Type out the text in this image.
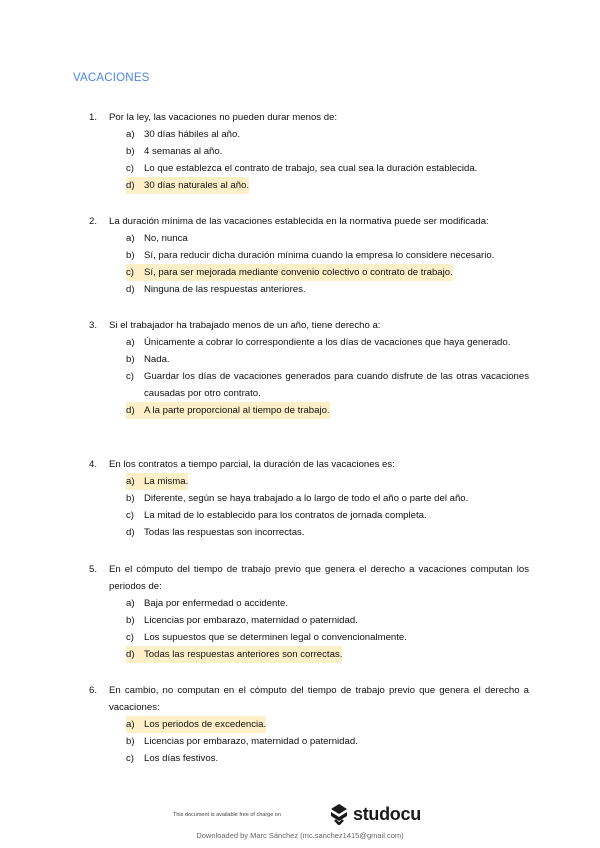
VACACIONES
1.	Por la ley, las vacaciones no pueden durar menos de:
a) 30 días hábiles al año.
b) 4 semanas al año.
c)	Lo que establezca el contrato de trabajo, sea cual sea la duración establecida.
d) 30 días naturales al año.
2.	La duración mínima de las vacaciones establecida en la normativa puede ser modificada:
a) No, nunca
b) Sí, para reducir dicha duración mínima cuando la empresa lo considere necesario.
c) Sí, para ser mejorada mediante convenio colectivo o contrato de trabajo.
d) Ninguna de las respuestas anteriores.
3.	Si el trabajador ha trabajado menos de un año, tiene derecho a:
a) Únicamente a cobrar lo correspondiente a los días de vacaciones que haya generado.
b) Nada.
c)	Guardar los días de vacaciones generados para cuando disfrute de las otras vacaciones causadas por otro contrato.
d) A la parte proporcional al tiempo de trabajo.
4.	En los contratos a tiempo parcial, la duración de las vacaciones es:
a) La misma.
b) Diferente, según se haya trabajado a lo largo de todo el año o parte del año.
c)	La mitad de lo establecido para los contratos de jornada completa.
d) Todas las respuestas son incorrectas.
5.	En el cómputo del tiempo de trabajo previo que genera el derecho a vacaciones computan los periodos de:
a) Baja por enfermedad o accidente.
b) Licencias por embarazo, maternidad o paternidad.
c)	Los supuestos que se determinen legal o convencionalmente.
d) Todas las respuestas anteriores son correctas.
6.	En cambio, no computan en el cómputo del tiempo de trabajo previo que genera el derecho a vacaciones:
a) Los periodos de excedencia.
b) Licencias por embarazo, maternidad o paternidad.
c)	Los días festivos.
This document is available free of charge on	studocu
Downloaded by Marc Sánchez (mc.sanchez1415@gmail.com)
